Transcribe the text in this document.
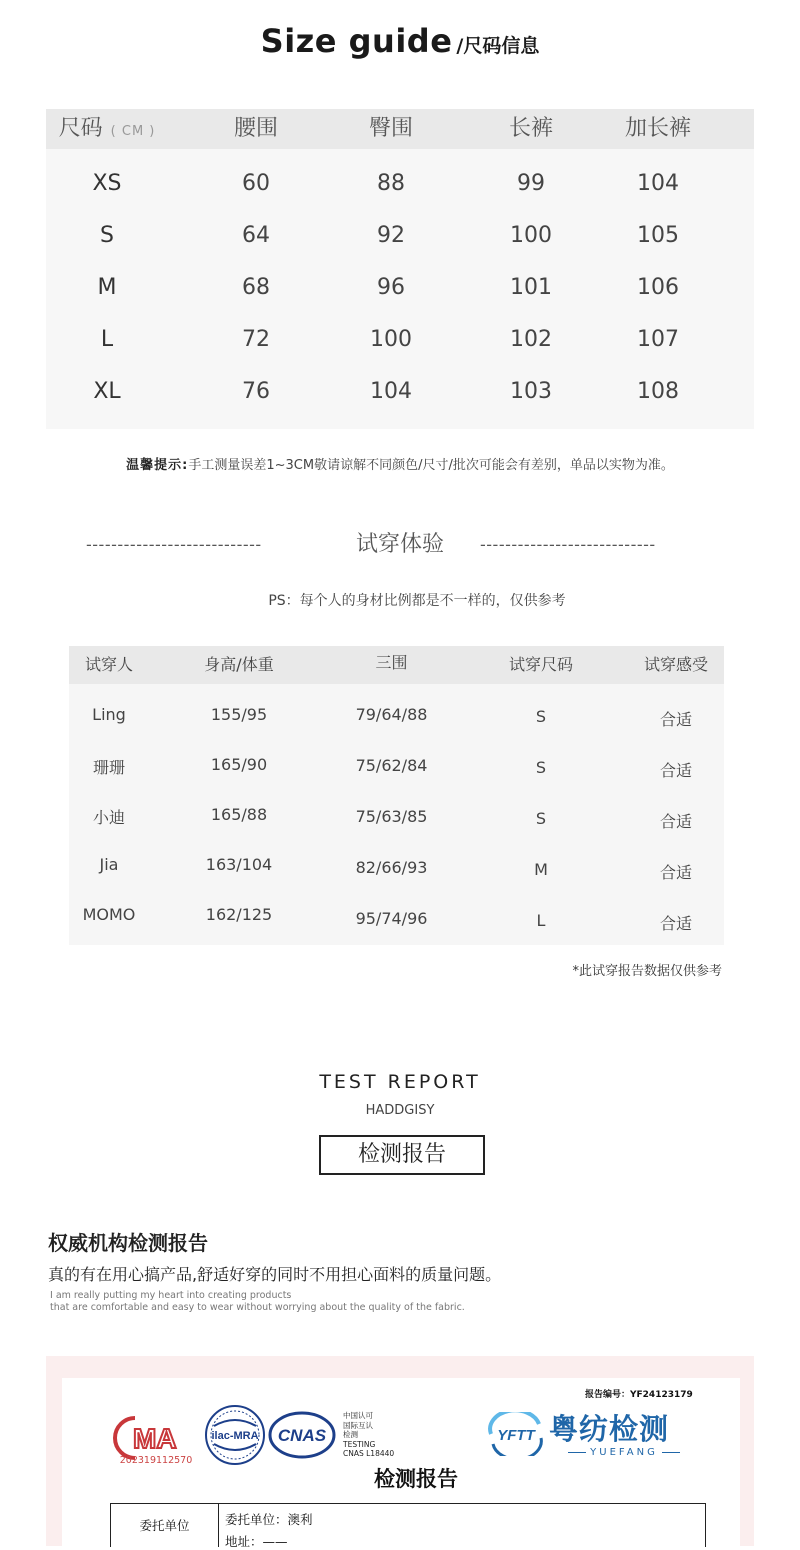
Size guide /尺码信息
尺码 ( CM )	腰围	臀围	长裤	加长裤
XS	60	88	99	104
S	64	92	100	105
M	68	96	101	106
L	72	100	102	107
XL	76	104	103	108
温馨提示:手工测量误差1~3CM敬请谅解不同颜色/尺寸/批次可能会有差别，单品以实物为准。
----------------------------	试穿体验	----------------------------
PS：每个人的身材比例都是不一样的，仅供参考
试穿人	身高/体重	三围	试穿尺码	试穿感受
Ling	155/95	79/64/88	S	合适
珊珊	165/90	75/62/84	S	合适
小迪	165/88	75/63/85	S	合适
Jia	163/104	82/66/93	M	合适
MOMO	162/125	95/74/96	L	合适
*此试穿报告数据仅供参考
TEST REPORT
HADDGISY
检测报告
权威机构检测报告
真的有在用心搞产品,舒适好穿的同时不用担心面料的质量问题。
I am really putting my heart into creating products
that are comfortable and easy to wear without worrying about the quality of the fabric.
报告编号：YF24123179
MA
202319112570
ilac-MRA CNAS
中国认可
国际互认
检测
TESTING
CNAS L18440
YFTT 粤纺检测
YUEFANG
检测报告
委托单位	委托单位：澳利
地址：——
